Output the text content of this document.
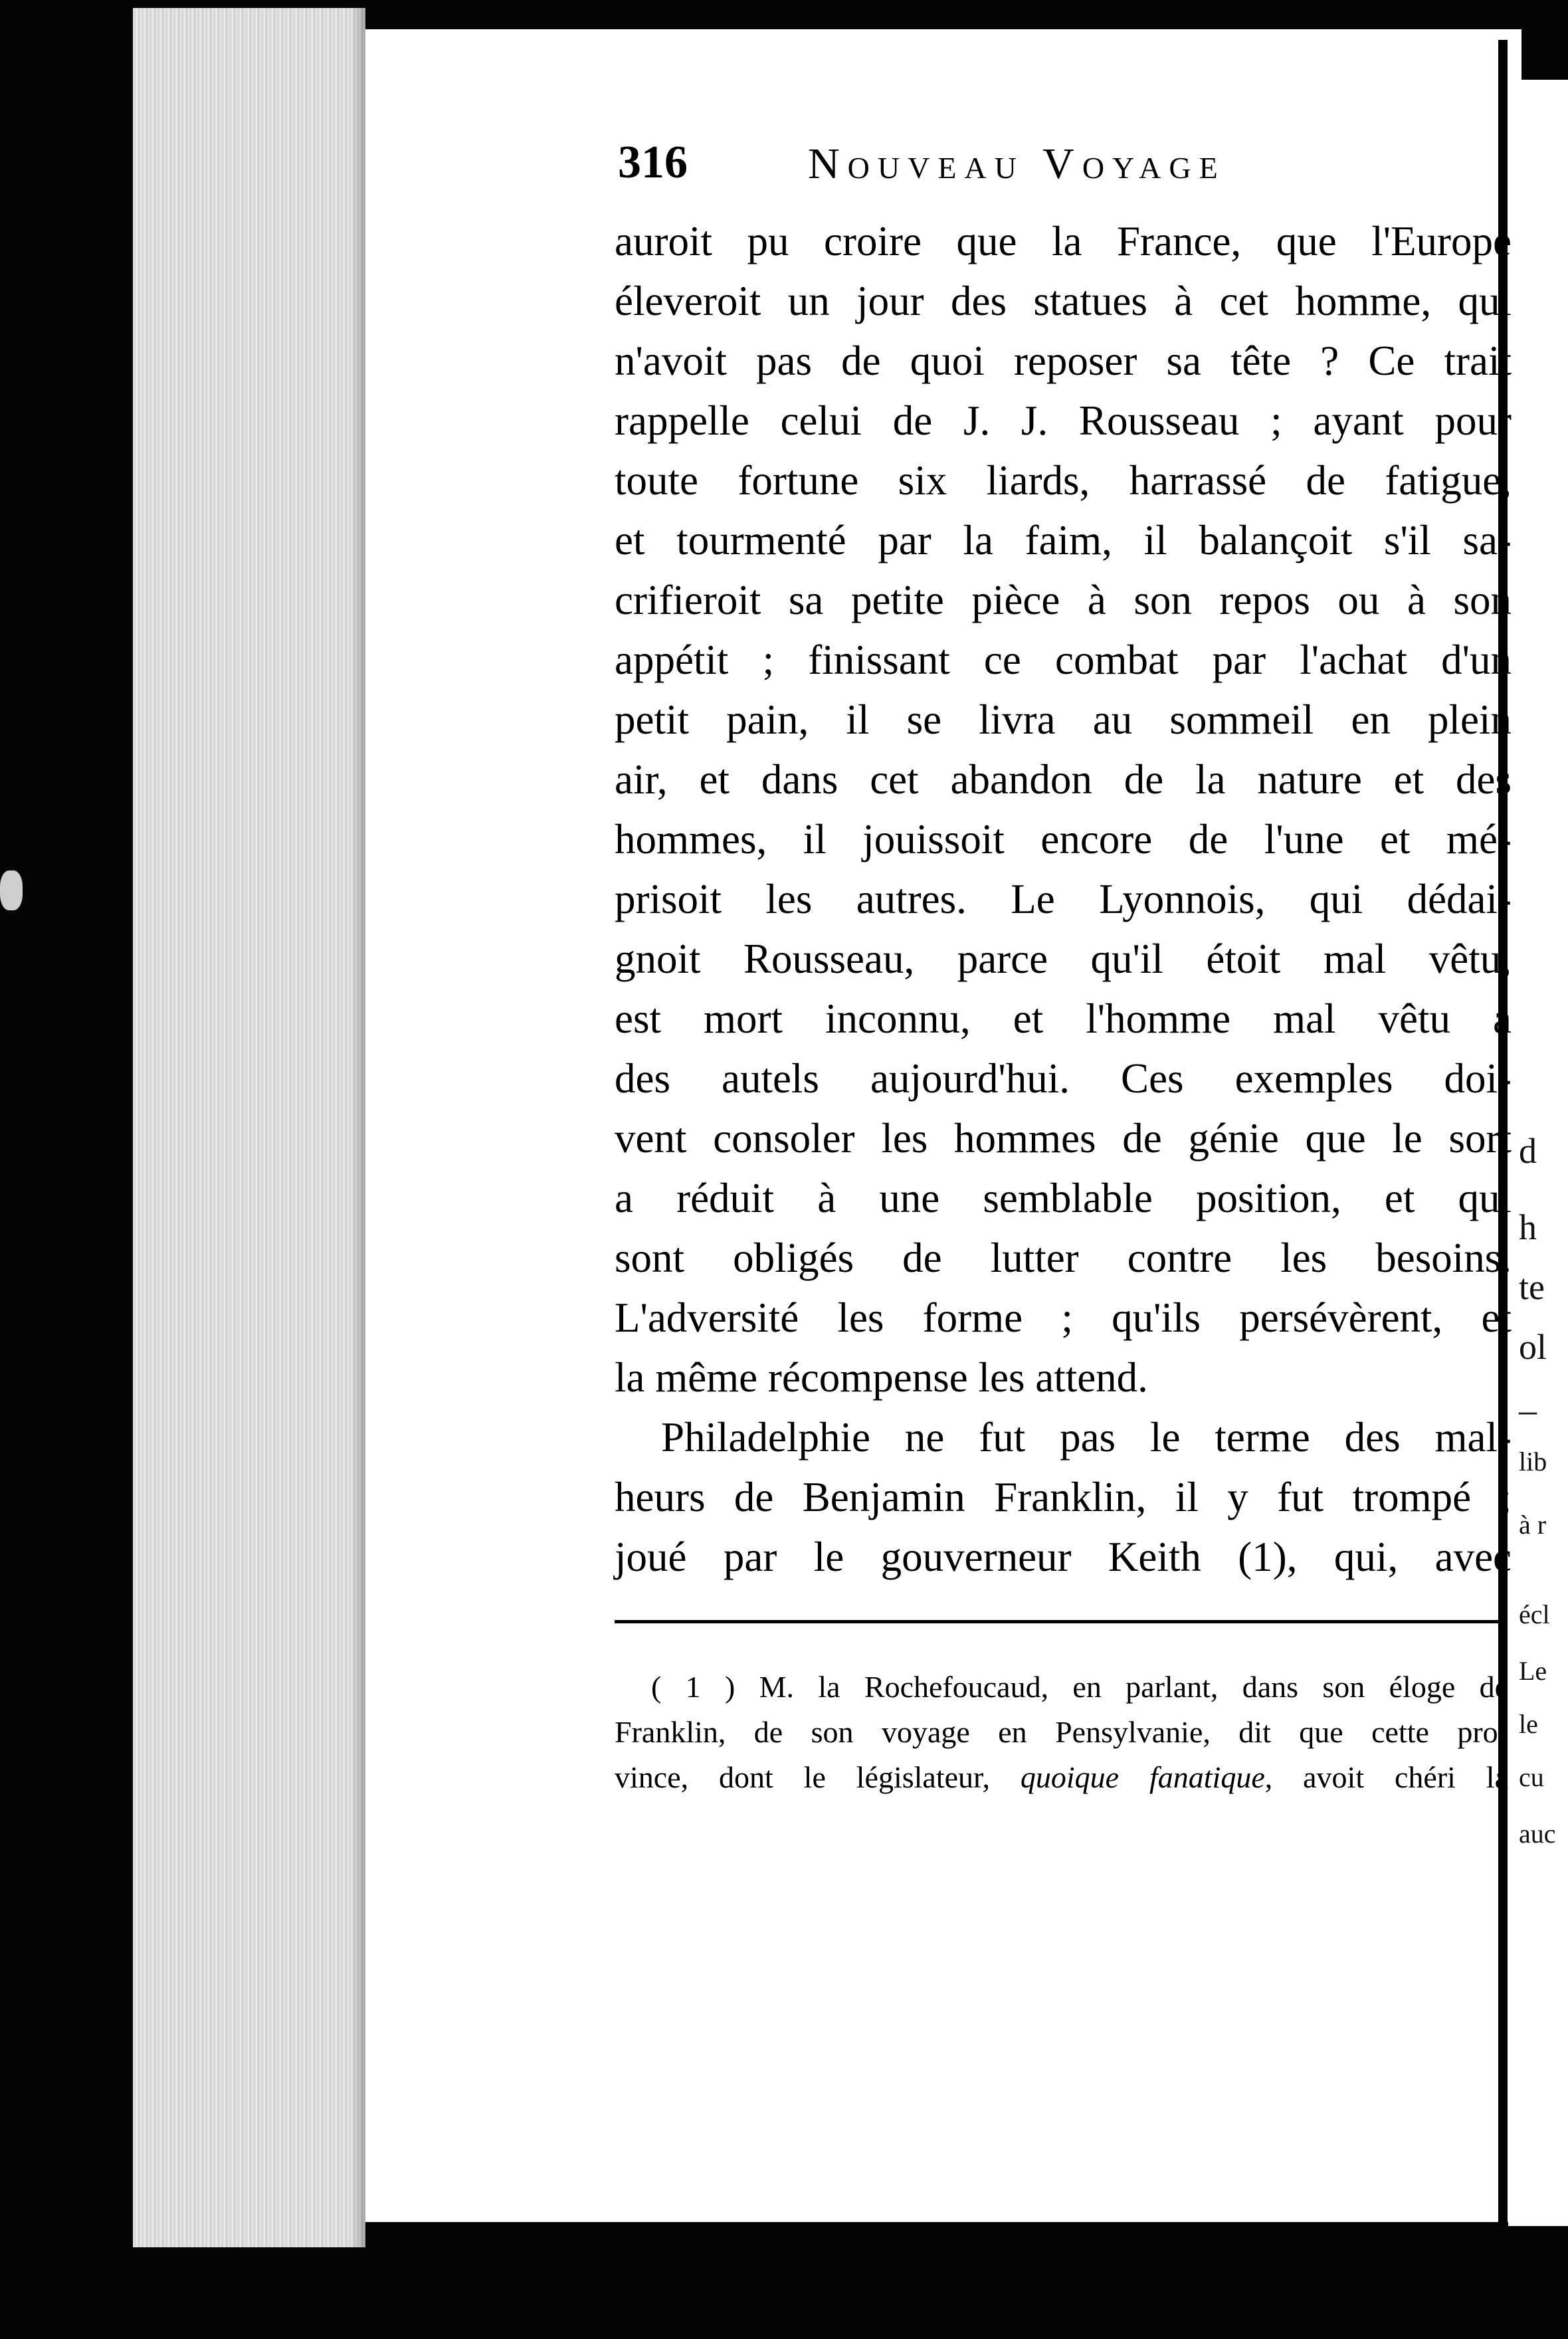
d
h
te
ol
–
lib
à r
écl
Le
le
cu
auc
316	Nouveau Voyage
auroit pu croire que la France, que l'Europe
éleveroit un jour des statues à cet homme, qui
n'avoit pas de quoi reposer sa tête ? Ce trait
rappelle celui de J. J. Rousseau ; ayant pour
toute fortune six liards, harrassé de fatigue,
et tourmenté par la faim, il balançoit s'il sa-
crifieroit sa petite pièce à son repos ou à son
appétit ; finissant ce combat par l'achat d'un
petit pain, il se livra au sommeil en plein
air, et dans cet abandon de la nature et des
hommes, il jouissoit encore de l'une et mé-
prisoit les autres. Le Lyonnois, qui dédai-
gnoit Rousseau, parce qu'il étoit mal vêtu,
est mort inconnu, et l'homme mal vêtu a
des autels aujourd'hui. Ces exemples doi-
vent consoler les hommes de génie que le sort
a réduit à une semblable position, et qui
sont obligés de lutter contre les besoins.
L'adversité les forme ; qu'ils persévèrent, et
la même récompense les attend.
Philadelphie ne fut pas le terme des mal-
heurs de Benjamin Franklin, il y fut trompé ;
joué par le gouverneur Keith (1), qui, avec
( 1 ) M. la Rochefoucaud, en parlant, dans son éloge de
Franklin, de son voyage en Pensylvanie, dit que cette pro-
vince, dont le législateur, quoique fanatique, avoit chéri la
